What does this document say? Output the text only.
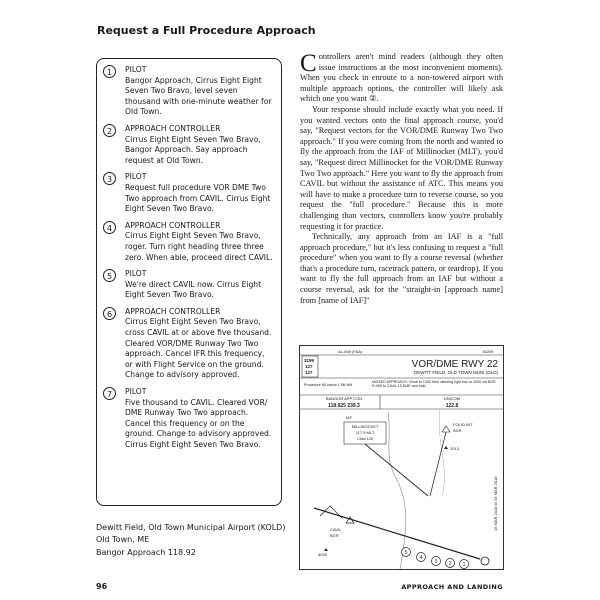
Request a Full Procedure Approach
1	PILOT
Bangor Approach, Cirrus Eight Eight Seven Two Bravo, level seven thousand with one-minute weather for Old Town.
2	APPROACH CONTROLLER
Cirrus Eight Eight Seven Two Bravo, Bangor Approach. Say approach request at Old Town.
3	PILOT
Request full procedure VOR DME Two Two approach from CAVIL. Cirrus Eight Eight Seven Two Bravo.
4	APPROACH CONTROLLER
Cirrus Eight Eight Seven Two Bravo, roger. Turn right heading three three zero. When able, proceed direct CAVIL.
5	PILOT
We're direct CAVIL now. Cirrus Eight Eight Seven Two Bravo.
6	APPROACH CONTROLLER
Cirrus Eight Eight Seven Two Bravo, cross CAVIL at or above five thousand. Cleared VOR/DME Runway Two Two approach. Cancel IFR this frequency, or with Flight Service on the ground. Change to advisory approved.
7	PILOT
Five thousand to CAVIL. Cleared VOR/ DME Runway Two Two approach. Cancel this frequency or on the ground. Change to advisory approved. Cirrus Eight Eight Seven Two Bravo.
Dewitt Field, Old Town Municipal Airport (KOLD)
Old Town, ME
Bangor Approach 118.92
96	APPROACH AND LANDING

Controllers aren't mind readers (although they often issue instructions at the most inconvenient moments). When you check in enroute to a non-towered airport with multiple approach options, the controller will likely ask which one you want ②.

Your response should include exactly what you need. If you wanted vectors onto the final approach course, you'd say, "Request vectors for the VOR/DME Runway Two Two approach." If you were coming from the north and wanted to fly the approach from the IAF of Millinocket (MLT), you'd say, "Request direct Millinocket for the VOR/DME Runway Two Two approach." Here you want to fly the approach from CAVIL but without the assistance of ATC. This means you will have to make a procedure turn to reverse course, so you request the "full procedure." Because this is more challenging than vectors, controllers know you're probably requesting it for practice.

Technically, any approach from an IAF is a "full approach procedure," but it's less confusing to request a "full procedure" when you want to fly a course reversal (whether that's a procedure turn, racetrack pattern, or teardrop). If you want to fly the full approach from an IAF but without a course reversal, ask for the "straight-in [approach name] from [name of IAF]"

AL-849 (FAA)	16259
3199
127
127
VOR/DME RWY 22
DEWITT FIELD, OLD TOWN MUNI (OLD)
Procedure NA below 1.5M NM
MISSED APPROACH: Climb to 1300 then climbing right turn to 3000 via BGR R-069 to CAVIL 15 DME and hold.
BANGOR APP CON
118.925 239.3
UNICOM
122.8
15 MAR 2018 to 29 MAR 2018
IAF
MILLINOCKET
117.9 MLT
Chan 126
FOLIO INT
BGR
2013
CAVIL
BGR
4025	5
4
3 2 1
